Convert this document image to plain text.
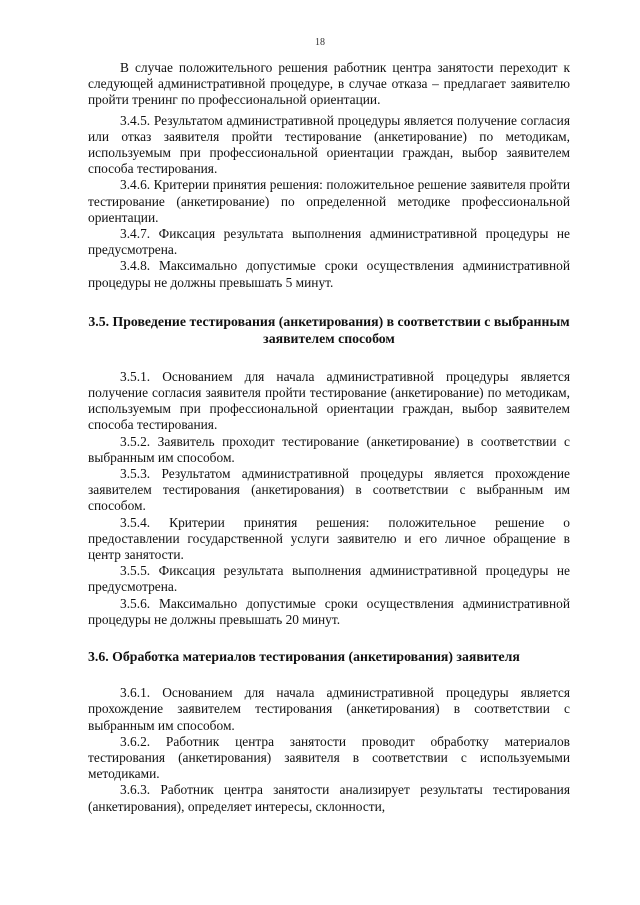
18

В случае положительного решения работник центра занятости переходит к следующей административной процедуре, в случае отказа – предлагает заявителю пройти тренинг по профессиональной ориентации.

3.4.5. Результатом административной процедуры является получение согласия или отказ заявителя пройти тестирование (анкетирование) по методикам, используемым при профессиональной ориентации граждан, выбор заявителем способа тестирования.

3.4.6. Критерии принятия решения: положительное решение заявителя пройти тестирование (анкетирование) по определенной методике профессиональной ориентации.

3.4.7. Фиксация результата выполнения административной процедуры не предусмотрена.

3.4.8. Максимально допустимые сроки осуществления административной процедуры не должны превышать 5 минут.

3.5. Проведение тестирования (анкетирования) в соответствии с выбранным заявителем способом

3.5.1. Основанием для начала административной процедуры является получение согласия заявителя пройти тестирование (анкетирование) по методикам, используемым при профессиональной ориентации граждан, выбор заявителем способа тестирования.

3.5.2. Заявитель проходит тестирование (анкетирование) в соответствии с выбранным им способом.

3.5.3. Результатом административной процедуры является прохождение заявителем тестирования (анкетирования) в соответствии с выбранным им способом.

3.5.4. Критерии принятия решения: положительное решение о предоставлении государственной услуги заявителю и его личное обращение в центр занятости.

3.5.5. Фиксация результата выполнения административной процедуры не предусмотрена.

3.5.6. Максимально допустимые сроки осуществления административной процедуры не должны превышать 20 минут.

3.6. Обработка материалов тестирования (анкетирования) заявителя

3.6.1. Основанием для начала административной процедуры является прохождение заявителем тестирования (анкетирования) в соответствии с выбранным им способом.

3.6.2. Работник центра занятости проводит обработку материалов тестирования (анкетирования) заявителя в соответствии с используемыми методиками.

3.6.3. Работник центра занятости анализирует результаты тестирования (анкетирования), определяет интересы, склонности,
